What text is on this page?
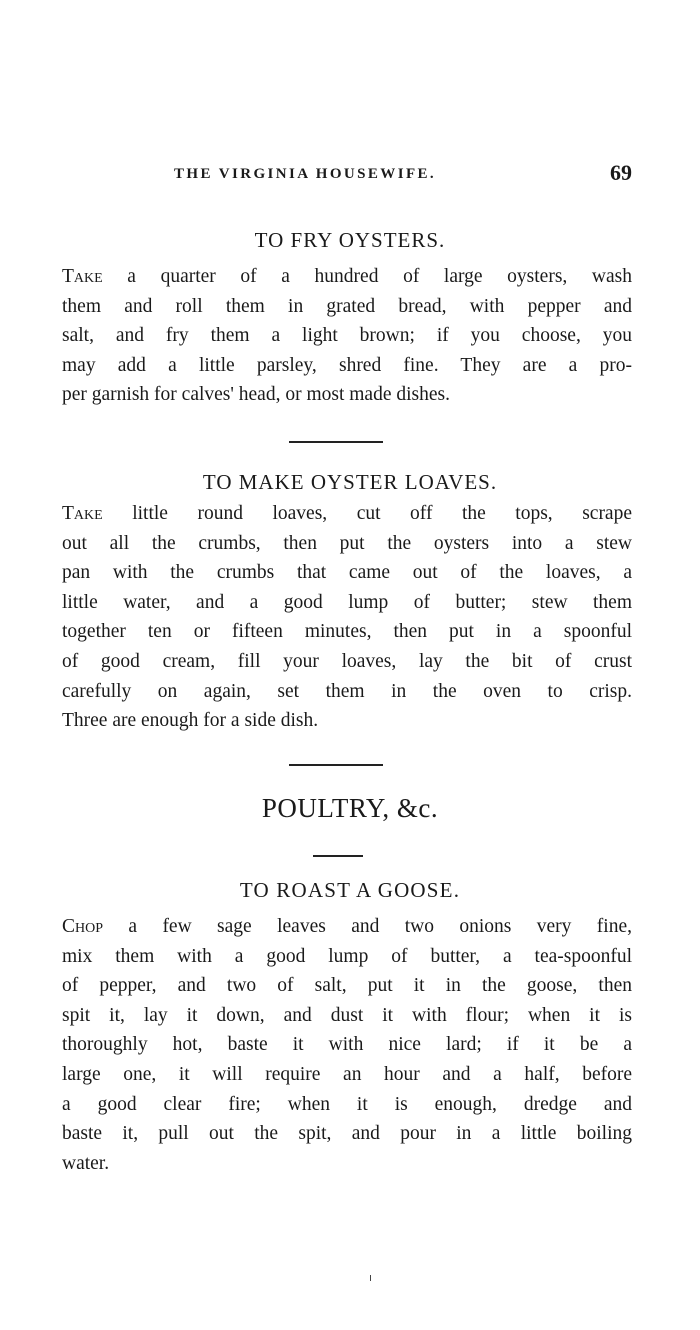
THE VIRGINIA HOUSEWIFE.	69
TO FRY OYSTERS.
Take a quarter of a hundred of large oysters, wash
them and roll them in grated bread, with pepper and
salt, and fry them a light brown; if you choose, you
may add a little parsley, shred fine. They are a pro-
per garnish for calves' head, or most made dishes.
TO MAKE OYSTER LOAVES.
Take little round loaves, cut off the tops, scrape
out all the crumbs, then put the oysters into a stew
pan with the crumbs that came out of the loaves, a
little water, and a good lump of butter; stew them
together ten or fifteen minutes, then put in a spoonful
of good cream, fill your loaves, lay the bit of crust
carefully on again, set them in the oven to crisp.
Three are enough for a side dish.
POULTRY, &c.
TO ROAST A GOOSE.
Chop a few sage leaves and two onions very fine,
mix them with a good lump of butter, a tea-spoonful
of pepper, and two of salt, put it in the goose, then
spit it, lay it down, and dust it with flour; when it is
thoroughly hot, baste it with nice lard; if it be a
large one, it will require an hour and a half, before
a good clear fire; when it is enough, dredge and
baste it, pull out the spit, and pour in a little boiling
water.
